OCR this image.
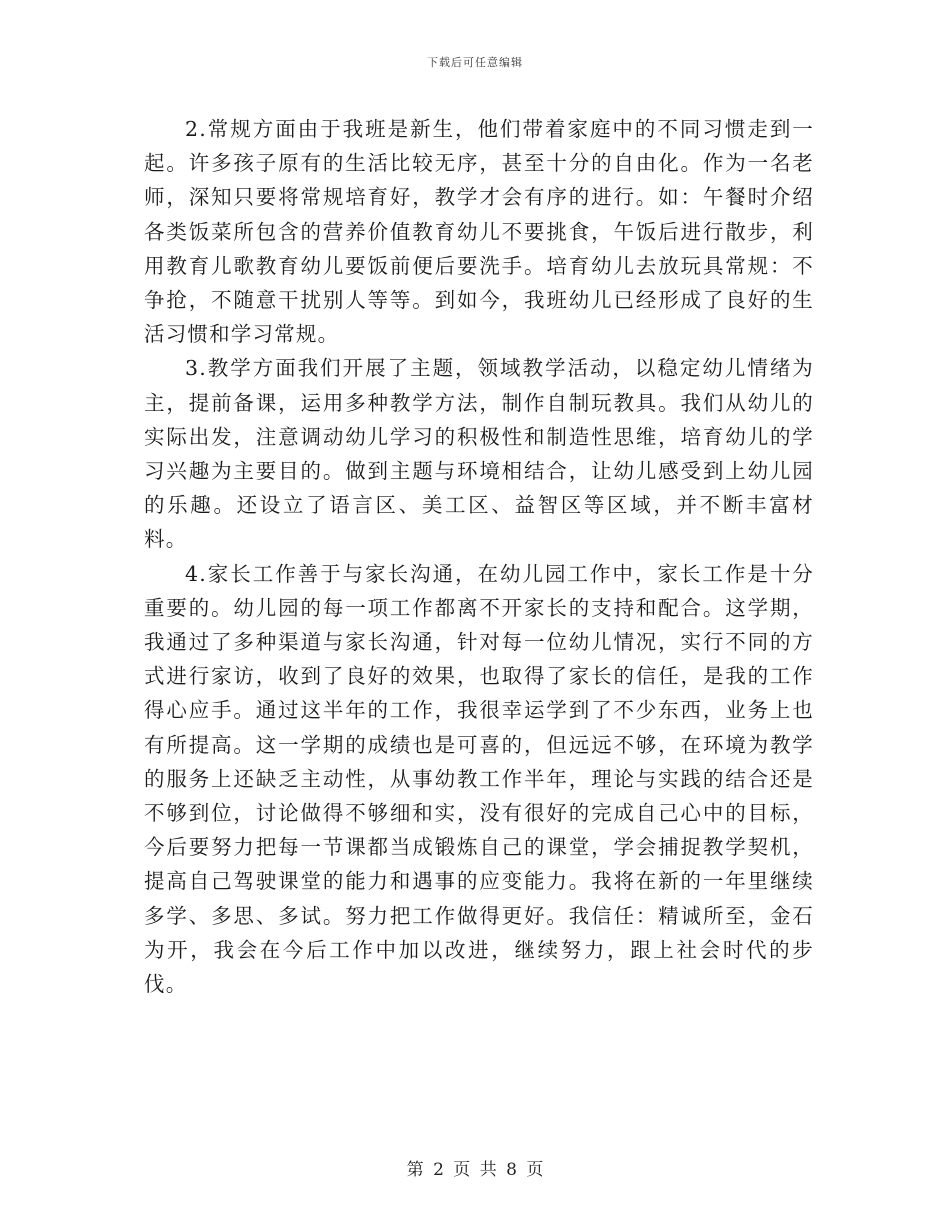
下载后可任意编辑

2.常规方面由于我班是新生，他们带着家庭中的不同习惯走到一起。许多孩子原有的生活比较无序，甚至十分的自由化。作为一名老师，深知只要将常规培育好，教学才会有序的进行。如：午餐时介绍各类饭菜所包含的营养价值教育幼儿不要挑食，午饭后进行散步，利用教育儿歌教育幼儿要饭前便后要洗手。培育幼儿去放玩具常规：不争抢，不随意干扰别人等等。到如今，我班幼儿已经形成了良好的生活习惯和学习常规。

3.教学方面我们开展了主题，领域教学活动，以稳定幼儿情绪为主，提前备课，运用多种教学方法，制作自制玩教具。我们从幼儿的实际出发，注意调动幼儿学习的积极性和制造性思维，培育幼儿的学习兴趣为主要目的。做到主题与环境相结合，让幼儿感受到上幼儿园的乐趣。还设立了语言区、美工区、益智区等区域，并不断丰富材料。

4.家长工作善于与家长沟通，在幼儿园工作中，家长工作是十分重要的。幼儿园的每一项工作都离不开家长的支持和配合。这学期，我通过了多种渠道与家长沟通，针对每一位幼儿情况，实行不同的方式进行家访，收到了良好的效果，也取得了家长的信任，是我的工作得心应手。通过这半年的工作，我很幸运学到了不少东西，业务上也有所提高。这一学期的成绩也是可喜的，但远远不够，在环境为教学的服务上还缺乏主动性，从事幼教工作半年，理论与实践的结合还是不够到位，讨论做得不够细和实，没有很好的完成自己心中的目标，今后要努力把每一节课都当成锻炼自己的课堂，学会捕捉教学契机，提高自己驾驶课堂的能力和遇事的应变能力。我将在新的一年里继续多学、多思、多试。努力把工作做得更好。我信任：精诚所至，金石为开，我会在今后工作中加以改进，继续努力，跟上社会时代的步伐。

第 2 页 共 8 页
